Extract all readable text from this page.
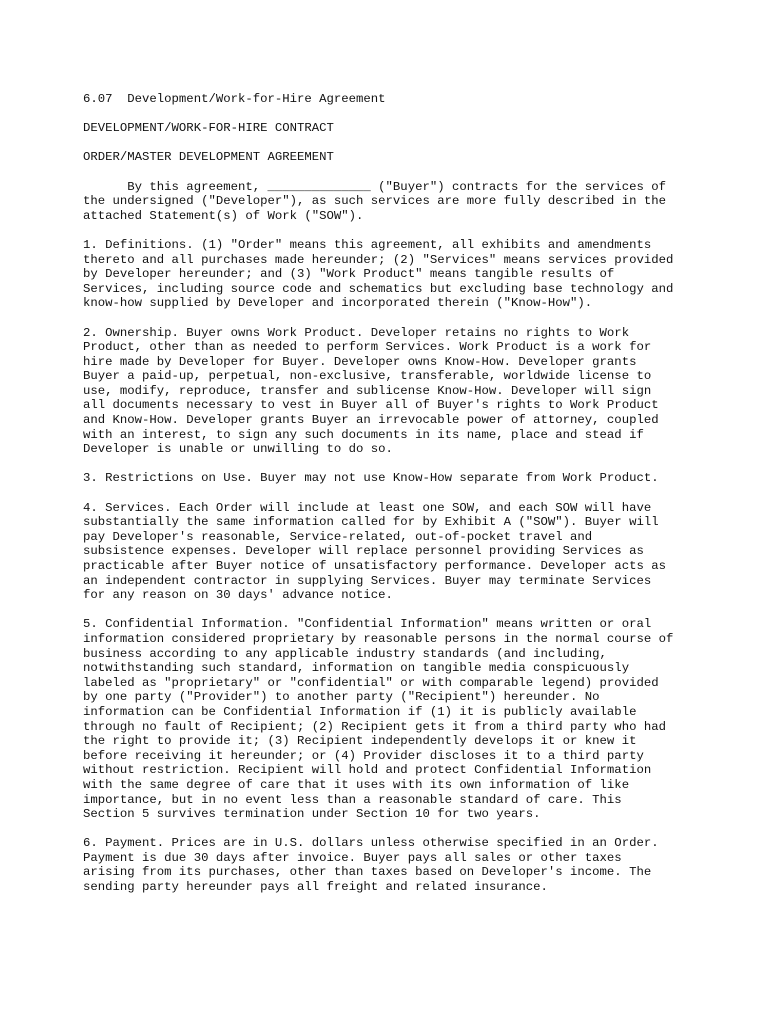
6.07  Development/Work-for-Hire Agreement
DEVELOPMENT/WORK-FOR-HIRE CONTRACT
ORDER/MASTER DEVELOPMENT AGREEMENT
By this agreement, ______________ ("Buyer") contracts for the services of
the undersigned ("Developer"), as such services are more fully described in the
attached Statement(s) of Work ("SOW").
1. Definitions. (1) "Order" means this agreement, all exhibits and amendments
thereto and all purchases made hereunder; (2) "Services" means services provided
by Developer hereunder; and (3) "Work Product" means tangible results of
Services, including source code and schematics but excluding base technology and
know-how supplied by Developer and incorporated therein ("Know-How").
2. Ownership. Buyer owns Work Product. Developer retains no rights to Work
Product, other than as needed to perform Services. Work Product is a work for
hire made by Developer for Buyer. Developer owns Know-How. Developer grants
Buyer a paid-up, perpetual, non-exclusive, transferable, worldwide license to
use, modify, reproduce, transfer and sublicense Know-How. Developer will sign
all documents necessary to vest in Buyer all of Buyer's rights to Work Product
and Know-How. Developer grants Buyer an irrevocable power of attorney, coupled
with an interest, to sign any such documents in its name, place and stead if
Developer is unable or unwilling to do so.
3. Restrictions on Use. Buyer may not use Know-How separate from Work Product.
4. Services. Each Order will include at least one SOW, and each SOW will have
substantially the same information called for by Exhibit A ("SOW"). Buyer will
pay Developer's reasonable, Service-related, out-of-pocket travel and
subsistence expenses. Developer will replace personnel providing Services as
practicable after Buyer notice of unsatisfactory performance. Developer acts as
an independent contractor in supplying Services. Buyer may terminate Services
for any reason on 30 days' advance notice.
5. Confidential Information. "Confidential Information" means written or oral
information considered proprietary by reasonable persons in the normal course of
business according to any applicable industry standards (and including,
notwithstanding such standard, information on tangible media conspicuously
labeled as "proprietary" or "confidential" or with comparable legend) provided
by one party ("Provider") to another party ("Recipient") hereunder. No
information can be Confidential Information if (1) it is publicly available
through no fault of Recipient; (2) Recipient gets it from a third party who had
the right to provide it; (3) Recipient independently develops it or knew it
before receiving it hereunder; or (4) Provider discloses it to a third party
without restriction. Recipient will hold and protect Confidential Information
with the same degree of care that it uses with its own information of like
importance, but in no event less than a reasonable standard of care. This
Section 5 survives termination under Section 10 for two years.
6. Payment. Prices are in U.S. dollars unless otherwise specified in an Order.
Payment is due 30 days after invoice. Buyer pays all sales or other taxes
arising from its purchases, other than taxes based on Developer's income. The
sending party hereunder pays all freight and related insurance.
